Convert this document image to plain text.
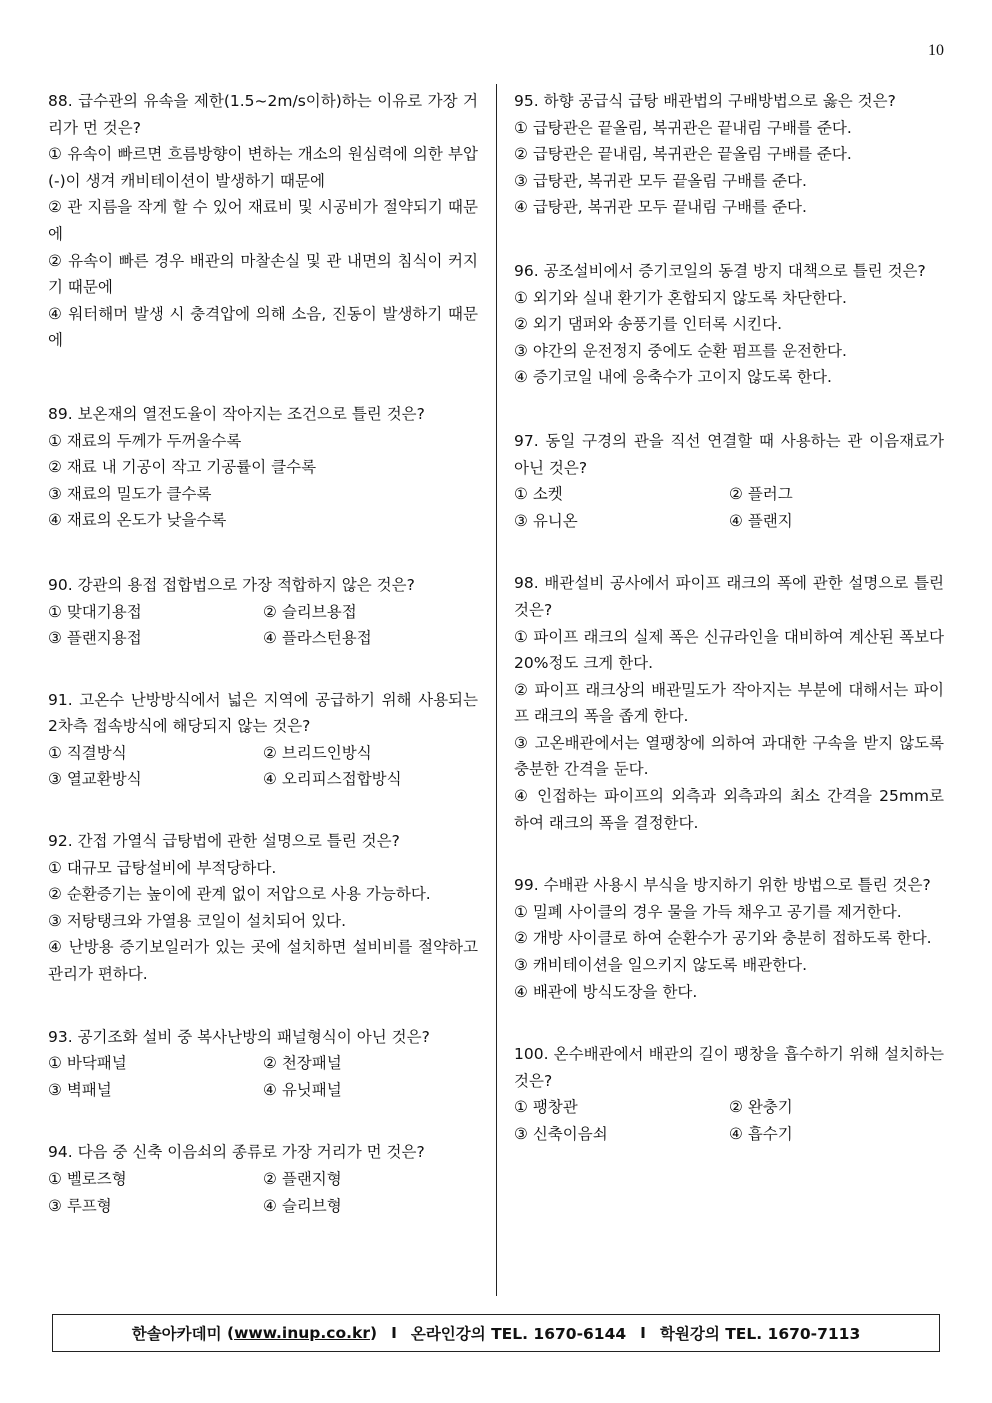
10
88. 급수관의 유속을 제한(1.5~2m/s이하)하는 이유로 가장 거리가 먼 것은?
① 유속이 빠르면 흐름방향이 변하는 개소의 원심력에 의한 부압(-)이 생겨 캐비테이션이 발생하기 때문에
② 관 지름을 작게 할 수 있어 재료비 및 시공비가 절약되기 때문에
② 유속이 빠른 경우 배관의 마찰손실 및 관 내면의 침식이 커지기 때문에
④ 워터해머 발생 시 충격압에 의해 소음, 진동이 발생하기 때문에
89. 보온재의 열전도율이 작아지는 조건으로 틀린 것은?
① 재료의 두께가 두꺼울수록
② 재료 내 기공이 작고 기공률이 클수록
③ 재료의 밀도가 클수록
④ 재료의 온도가 낮을수록
90. 강관의 용접 접합법으로 가장 적합하지 않은 것은?
① 맞대기용접	② 슬리브용접
③ 플랜지용접	④ 플라스턴용접
91. 고온수 난방방식에서 넓은 지역에 공급하기 위해 사용되는 2차측 접속방식에 해당되지 않는 것은?
① 직결방식	② 브리드인방식
③ 열교환방식	④ 오리피스접합방식
92. 간접 가열식 급탕법에 관한 설명으로 틀린 것은?
① 대규모 급탕설비에 부적당하다.
② 순환증기는 높이에 관계 없이 저압으로 사용 가능하다.
③ 저탕탱크와 가열용 코일이 설치되어 있다.
④ 난방용 증기보일러가 있는 곳에 설치하면 설비비를 절약하고 관리가 편하다.
93. 공기조화 설비 중 복사난방의 패널형식이 아닌 것은?
① 바닥패널	② 천장패널
③ 벽패널	④ 유닛패널
94. 다음 중 신축 이음쇠의 종류로 가장 거리가 먼 것은?
① 벨로즈형	② 플랜지형
③ 루프형	④ 슬리브형
95. 하향 공급식 급탕 배관법의 구배방법으로 옳은 것은?
① 급탕관은 끝올림, 복귀관은 끝내림 구배를 준다.
② 급탕관은 끝내림, 복귀관은 끝올림 구배를 준다.
③ 급탕관, 복귀관 모두 끝올림 구배를 준다.
④ 급탕관, 복귀관 모두 끝내림 구배를 준다.
96. 공조설비에서 증기코일의 동결 방지 대책으로 틀린 것은?
① 외기와 실내 환기가 혼합되지 않도록 차단한다.
② 외기 댐퍼와 송풍기를 인터록 시킨다.
③ 야간의 운전정지 중에도 순환 펌프를 운전한다.
④ 증기코일 내에 응축수가 고이지 않도록 한다.
97. 동일 구경의 관을 직선 연결할 때 사용하는 관 이음재료가 아닌 것은?
① 소켓	② 플러그
③ 유니온	④ 플랜지
98. 배관설비 공사에서 파이프 래크의 폭에 관한 설명으로 틀린 것은?
① 파이프 래크의 실제 폭은 신규라인을 대비하여 계산된 폭보다 20%정도 크게 한다.
② 파이프 래크상의 배관밀도가 작아지는 부분에 대해서는 파이프 래크의 폭을 좁게 한다.
③ 고온배관에서는 열팽창에 의하여 과대한 구속을 받지 않도록 충분한 간격을 둔다.
④ 인접하는 파이프의 외측과 외측과의 최소 간격을 25mm로 하여 래크의 폭을 결정한다.
99. 수배관 사용시 부식을 방지하기 위한 방법으로 틀린 것은?
① 밀폐 사이클의 경우 물을 가득 채우고 공기를 제거한다.
② 개방 사이클로 하여 순환수가 공기와 충분히 접하도록 한다.
③ 캐비테이션을 일으키지 않도록 배관한다.
④ 배관에 방식도장을 한다.
100. 온수배관에서 배관의 길이 팽창을 흡수하기 위해 설치하는 것은?
① 팽창관	② 완충기
③ 신축이음쇠	④ 흡수기
한솔아카데미 ( www.inup.co.kr ) I 온라인강의 TEL. 1670-6144 I 학원강의 TEL. 1670-7113
